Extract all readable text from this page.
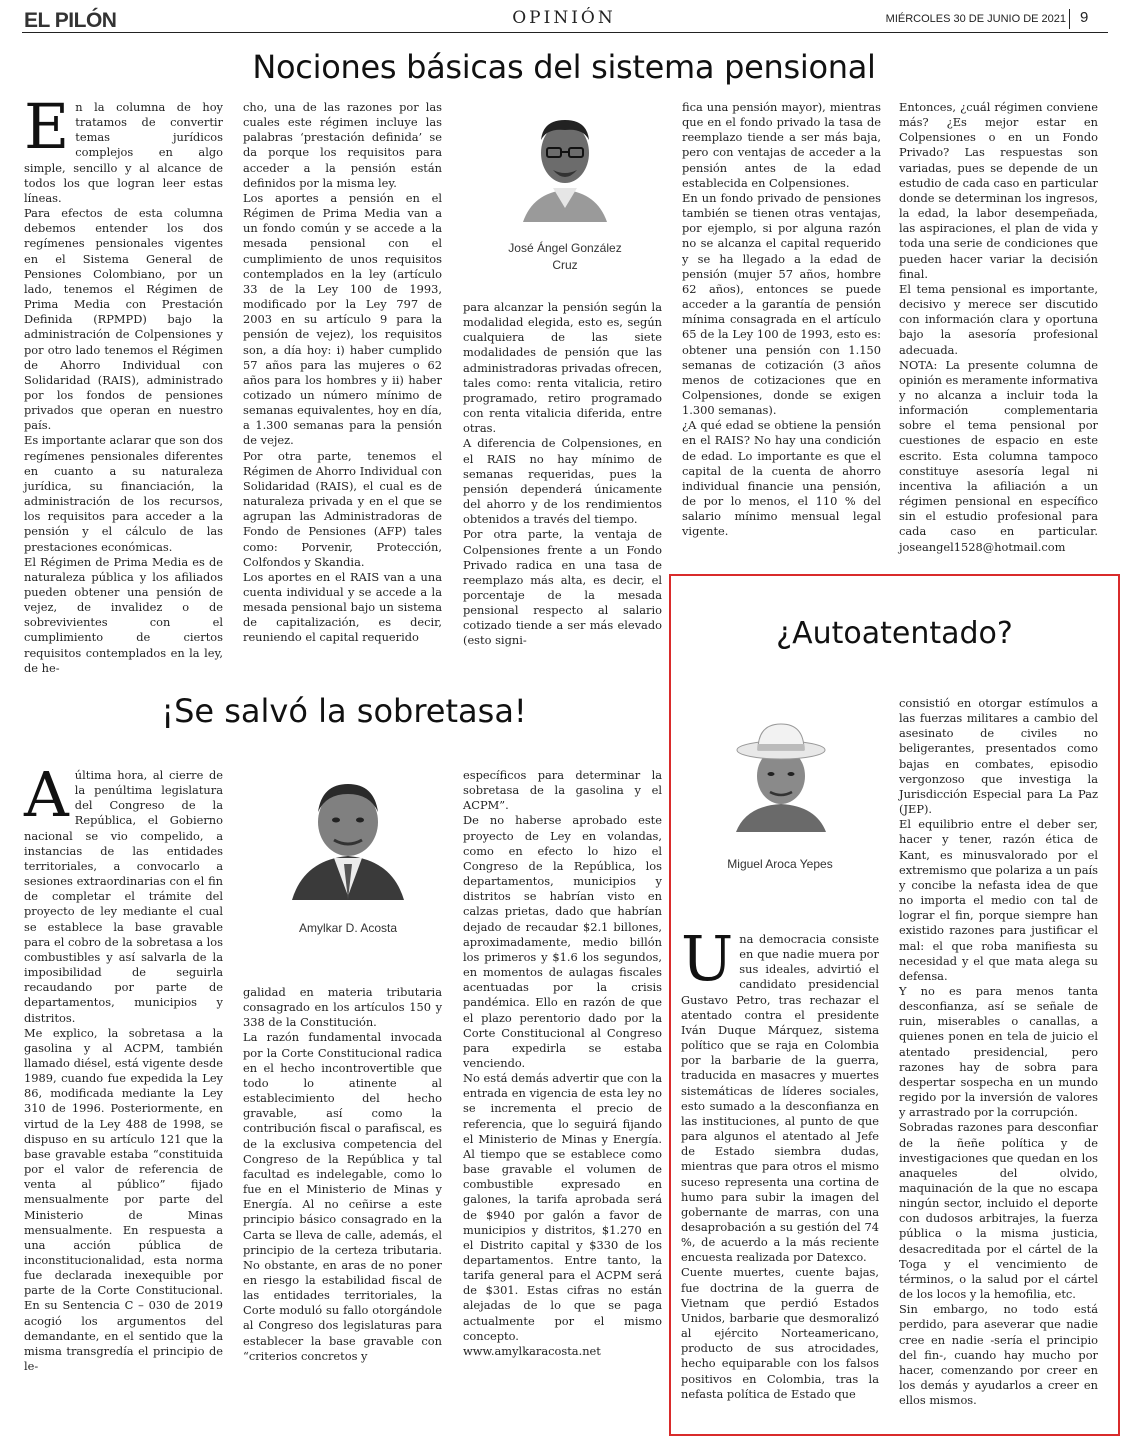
EL PILÓN	OPINIÓN	MIÉRCOLES 30 DE JUNIO DE 2021 9
Nociones básicas del sistema pensional
E n la columna de hoy tratamos de convertir temas jurídicos complejos en algo simple, sencillo y al alcance de todos los que logran leer estas líneas.

Para efectos de esta columna debemos entender los dos regímenes pensionales vigentes en el Sistema General de Pensiones Colombiano, por un lado, tenemos el Régimen de Prima Media con Prestación Definida (RPMPD) bajo la administración de Colpensiones y por otro lado tenemos el Régimen de Ahorro Individual con Solidaridad (RAIS), administrado por los fondos de pensiones privados que operan en nuestro país.

Es importante aclarar que son dos regímenes pensionales diferentes en cuanto a su naturaleza jurídica, su financiación, la administración de los recursos, los requisitos para acceder a la pensión y el cálculo de las prestaciones económicas.

El Régimen de Prima Media es de naturaleza pública y los afiliados pueden obtener una pensión de vejez, de invalidez o de sobrevivientes con el cumplimiento de ciertos requisitos contemplados en la ley, de he-

cho, una de las razones por las cuales este régimen incluye las palabras ‘prestación definida’ se da porque los requisitos para acceder a la pensión están definidos por la misma ley.

Los aportes a pensión en el Régimen de Prima Media van a un fondo común y se accede a la mesada pensional con el cumplimiento de unos requisitos contemplados en la ley (artículo 33 de la Ley 100 de 1993, modificado por la Ley 797 de 2003 en su artículo 9 para la pensión de vejez), los requisitos son, a día hoy: i) haber cumplido 57 años para las mujeres o 62 años para los hombres y ii) haber cotizado un número mínimo de semanas equivalentes, hoy en día, a 1.300 semanas para la pensión de vejez.

Por otra parte, tenemos el Régimen de Ahorro Individual con Solidaridad (RAIS), el cual es de naturaleza privada y en el que se agrupan las Administradoras de Fondo de Pensiones (AFP) tales como: Porvenir, Protección, Colfondos y Skandia.

Los aportes en el RAIS van a una cuenta individual y se accede a la mesada pensional bajo un sistema de capitalización, es decir, reuniendo el capital requerido

José Ángel González Cruz

para alcanzar la pensión según la modalidad elegida, esto es, según cualquiera de las siete modalidades de pensión que las administradoras privadas ofrecen, tales como: renta vitalicia, retiro programado, retiro programado con renta vitalicia diferida, entre otras.

A diferencia de Colpensiones, en el RAIS no hay mínimo de semanas requeridas, pues la pensión dependerá únicamente del ahorro y de los rendimientos obtenidos a través del tiempo.

Por otra parte, la ventaja de Colpensiones frente a un Fondo Privado radica en una tasa de reemplazo más alta, es decir, el porcentaje de la mesada pensional respecto al salario cotizado tiende a ser más elevado (esto signi-

fica una pensión mayor), mientras que en el fondo privado la tasa de reemplazo tiende a ser más baja, pero con ventajas de acceder a la pensión antes de la edad establecida en Colpensiones.

En un fondo privado de pensiones también se tienen otras ventajas, por ejemplo, si por alguna razón no se alcanza el capital requerido y se ha llegado a la edad de pensión (mujer 57 años, hombre 62 años), entonces se puede acceder a la garantía de pensión mínima consagrada en el artículo 65 de la Ley 100 de 1993, esto es: obtener una pensión con 1.150 semanas de cotización (3 años menos de cotizaciones que en Colpensiones, donde se exigen 1.300 semanas).

¿A qué edad se obtiene la pensión en el RAIS? No hay una condición de edad. Lo importante es que el capital de la cuenta de ahorro individual financie una pensión, de por lo menos, el 110 % del salario mínimo mensual legal vigente.

Entonces, ¿cuál régimen conviene más? ¿Es mejor estar en Colpensiones o en un Fondo Privado? Las respuestas son variadas, pues se depende de un estudio de cada caso en particular donde se determinan los ingresos, la edad, la labor desempeñada, las aspiraciones, el plan de vida y toda una serie de condiciones que pueden hacer variar la decisión final.

El tema pensional es importante, decisivo y merece ser discutido con información clara y oportuna bajo la asesoría profesional adecuada.

NOTA: La presente columna de opinión es meramente informativa y no alcanza a incluir toda la información complementaria sobre el tema pensional por cuestiones de espacio en este escrito. Esta columna tampoco constituye asesoría legal ni incentiva la afiliación a un régimen pensional en específico sin el estudio profesional para cada caso en particular. joseangel1528@hotmail.com

¡Se salvó la sobretasa!
A última hora, al cierre de la penúltima legislatura del Congreso de la República, el Gobierno nacional se vio compelido, a instancias de las entidades territoriales, a convocarlo a sesiones extraordinarias con el fin de completar el trámite del proyecto de ley mediante el cual se establece la base gravable para el cobro de la sobretasa a los combustibles y así salvarla de la imposibilidad de seguirla recaudando por parte de departamentos, municipios y distritos.

Me explico, la sobretasa a la gasolina y al ACPM, también llamado diésel, está vigente desde 1989, cuando fue expedida la Ley 86, modificada mediante la Ley 310 de 1996. Posteriormente, en virtud de la Ley 488 de 1998, se dispuso en su artículo 121 que la base gravable estaba “constituida por el valor de referencia de venta al público” fijado mensualmente por parte del Ministerio de Minas mensualmente. En respuesta a una acción pública de inconstitucionalidad, esta norma fue declarada inexequible por parte de la Corte Constitucional. En su Sentencia C – 030 de 2019 acogió los argumentos del demandante, en el sentido que la misma transgredía el principio de le-

Amylkar D. Acosta

galidad en materia tributaria consagrado en los artículos 150 y 338 de la Constitución.

La razón fundamental invocada por la Corte Constitucional radica en el hecho incontrovertible que todo lo atinente al establecimiento del hecho gravable, así como la contribución fiscal o parafiscal, es de la exclusiva competencia del Congreso de la República y tal facultad es indelegable, como lo fue en el Ministerio de Minas y Energía. Al no ceñirse a este principio básico consagrado en la Carta se lleva de calle, además, el principio de la certeza tributaria. No obstante, en aras de no poner en riesgo la estabilidad fiscal de las entidades territoriales, la Corte moduló su fallo otorgándole al Congreso dos legislaturas para establecer la base gravable con “criterios concretos y

específicos para determinar la sobretasa de la gasolina y el ACPM”.

De no haberse aprobado este proyecto de Ley en volandas, como en efecto lo hizo el Congreso de la República, los departamentos, municipios y distritos se habrían visto en calzas prietas, dado que habrían dejado de recaudar $2.1 billones, aproximadamente, medio billón los primeros y $1.6 los segundos, en momentos de aulagas fiscales acentuadas por la crisis pandémica. Ello en razón de que el plazo perentorio dado por la Corte Constitucional al Congreso para expedirla se estaba venciendo.

No está demás advertir que con la entrada en vigencia de esta ley no se incrementa el precio de referencia, que lo seguirá fijando el Ministerio de Minas y Energía. Al tiempo que se establece como base gravable el volumen de combustible expresado en galones, la tarifa aprobada será de $940 por galón a favor de municipios y distritos, $1.270 en el Distrito capital y $330 de los departamentos. Entre tanto, la tarifa general para el ACPM será de $301. Estas cifras no están alejadas de lo que se paga actualmente por el mismo concepto.

www.amylkaracosta.net

¿Autoatentado?
Miguel Aroca Yepes
U na democracia consiste en que nadie muera por sus ideales, advirtió el candidato presidencial Gustavo Petro, tras rechazar el atentado contra el presidente Iván Duque Márquez, sistema político que se raja en Colombia por la barbarie de la guerra, traducida en masacres y muertes sistemáticas de líderes sociales, esto sumado a la desconfianza en las instituciones, al punto de que para algunos el atentado al Jefe de Estado siembra dudas, mientras que para otros el mismo suceso representa una cortina de humo para subir la imagen del gobernante de marras, con una desaprobación a su gestión del 74 %, de acuerdo a la más reciente encuesta realizada por Datexco.

Cuente muertes, cuente bajas, fue doctrina de la guerra de Vietnam que perdió Estados Unidos, barbarie que desmoralizó al ejército Norteamericano, producto de sus atrocidades, hecho equiparable con los falsos positivos en Colombia, tras la nefasta política de Estado que

consistió en otorgar estímulos a las fuerzas militares a cambio del asesinato de civiles no beligerantes, presentados como bajas en combates, episodio vergonzoso que investiga la Jurisdicción Especial para La Paz (JEP).

El equilibrio entre el deber ser, hacer y tener, razón ética de Kant, es minusvalorado por el extremismo que polariza a un país y concibe la nefasta idea de que no importa el medio con tal de lograr el fin, porque siempre han existido razones para justificar el mal: el que roba manifiesta su necesidad y el que mata alega su defensa.

Y no es para menos tanta desconfianza, así se señale de ruin, miserables o canallas, a quienes ponen en tela de juicio el atentado presidencial, pero razones hay de sobra para despertar sospecha en un mundo regido por la inversión de valores y arrastrado por la corrupción.

Sobradas razones para desconfiar de la ñeñe política y de investigaciones que quedan en los anaqueles del olvido, maquinación de la que no escapa ningún sector, incluido el deporte con dudosos arbitrajes, la fuerza pública o la misma justicia, desacreditada por el cártel de la Toga y el vencimiento de términos, o la salud por el cártel de los locos y la hemofilia, etc.

Sin embargo, no todo está perdido, para aseverar que nadie cree en nadie -sería el principio del fin-, cuando hay mucho por hacer, comenzando por creer en los demás y ayudarlos a creer en ellos mismos.
